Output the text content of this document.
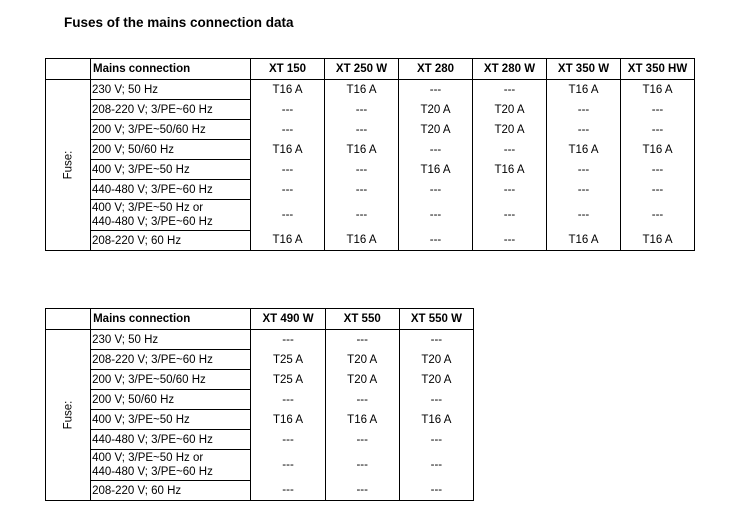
Fuses of the mains connection data
	Mains connection	XT 150	XT 250 W	XT 280	XT 280 W	XT 350 W	XT 350 HW
Fuse:	230 V; 50 Hz	T16 A	T16 A	---	---	T16 A	T16 A
	208-220 V; 3/PE~60 Hz	---	---	T20 A	T20 A	---	---
	200 V; 3/PE~50/60 Hz	---	---	T20 A	T20 A	---	---
	200 V; 50/60 Hz	T16 A	T16 A	---	---	T16 A	T16 A
	400 V; 3/PE~50 Hz	---	---	T16 A	T16 A	---	---
	440-480 V; 3/PE~60 Hz	---	---	---	---	---	---
	400 V; 3/PE~50 Hz or
440-480 V; 3/PE~60 Hz	---	---	---	---	---	---
	208-220 V; 60 Hz	T16 A	T16 A	---	---	T16 A	T16 A
	Mains connection	XT 490 W	XT 550	XT 550 W
Fuse:	230 V; 50 Hz	---	---	---
	208-220 V; 3/PE~60 Hz	T25 A	T20 A	T20 A
	200 V; 3/PE~50/60 Hz	T25 A	T20 A	T20 A
	200 V; 50/60 Hz	---	---	---
	400 V; 3/PE~50 Hz	T16 A	T16 A	T16 A
	440-480 V; 3/PE~60 Hz	---	---	---
	400 V; 3/PE~50 Hz or
440-480 V; 3/PE~60 Hz	---	---	---
	208-220 V; 60 Hz	---	---	---
